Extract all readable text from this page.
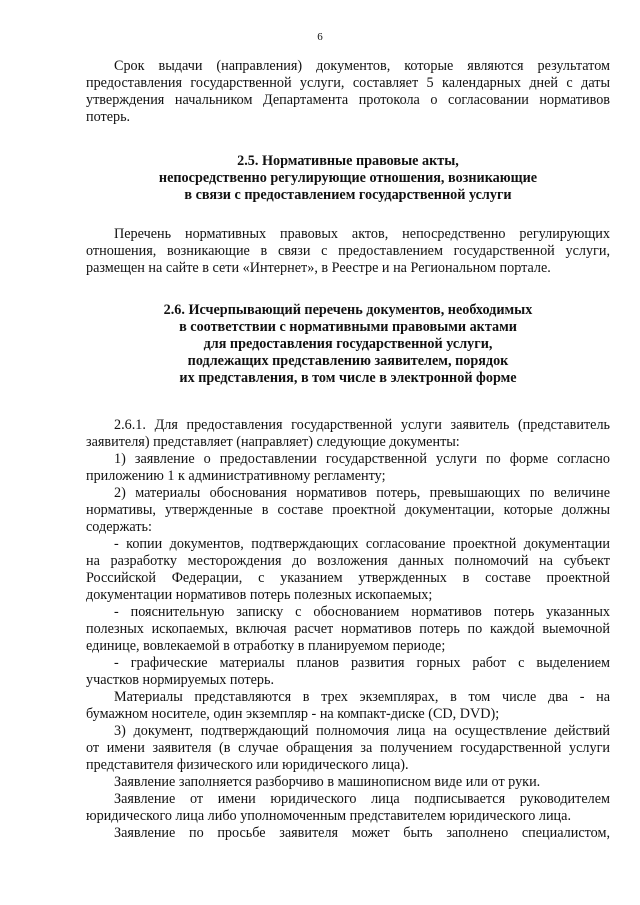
6
Срок выдачи (направления) документов, которые являются результатом
предоставления государственной услуги, составляет 5 календарных дней с даты
утверждения начальником Департамента протокола о согласовании нормативов
потерь.
2.5. Нормативные правовые акты,
непосредственно регулирующие отношения, возникающие
в связи с предоставлением государственной услуги
Перечень нормативных правовых актов, непосредственно регулирующих
отношения, возникающие в связи с предоставлением государственной услуги,
размещен на сайте в сети «Интернет», в Реестре и на Региональном портале.
2.6. Исчерпывающий перечень документов, необходимых
в соответствии с нормативными правовыми актами
для предоставления государственной услуги,
подлежащих представлению заявителем, порядок
их представления, в том числе в электронной форме
2.6.1. Для предоставления государственной услуги заявитель (представитель
заявителя) представляет (направляет) следующие документы:
1) заявление о предоставлении государственной услуги по форме согласно
приложению 1 к административному регламенту;
2) материалы обоснования нормативов потерь, превышающих по величине
нормативы, утвержденные в составе проектной документации, которые должны
содержать:
- копии документов, подтверждающих согласование проектной документации
на разработку месторождения до возложения данных полномочий на субъект
Российской Федерации, с указанием утвержденных в составе проектной
документации нормативов потерь полезных ископаемых;
- пояснительную записку с обоснованием нормативов потерь указанных
полезных ископаемых, включая расчет нормативов потерь по каждой выемочной
единице, вовлекаемой в отработку в планируемом периоде;
- графические материалы планов развития горных работ с выделением
участков нормируемых потерь.
Материалы представляются в трех экземплярах, в том числе два - на
бумажном носителе, один экземпляр - на компакт-диске (CD, DVD);
3) документ, подтверждающий полномочия лица на осуществление действий
от имени заявителя (в случае обращения за получением государственной услуги
представителя физического или юридического лица).
Заявление заполняется разборчиво в машинописном виде или от руки.
Заявление от имени юридического лица подписывается руководителем
юридического лица либо уполномоченным представителем юридического лица.
Заявление по просьбе заявителя может быть заполнено специалистом,
